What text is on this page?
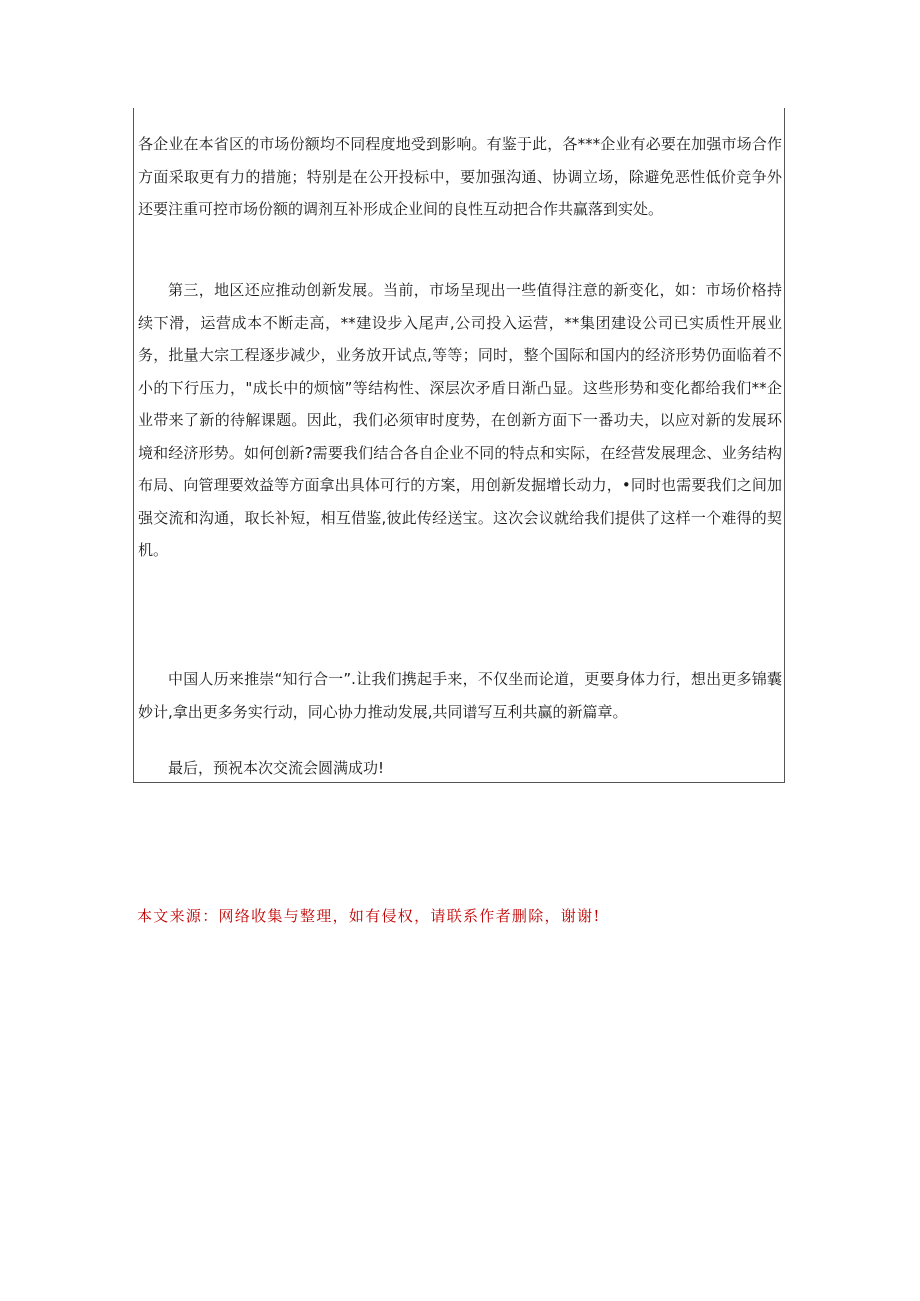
各企业在本省区的市场份额均不同程度地受到影响。有鉴于此，各***企业有必要在加强市场合作方面采取更有力的措施；特别是在公开投标中，要加强沟通、协调立场，除避免恶性低价竞争外还要注重可控市场份额的调剂互补形成企业间的良性互动把合作共赢落到实处。

第三，地区还应推动创新发展。当前，市场呈现出一些值得注意的新变化，如：市场价格持续下滑，运营成本不断走高，**建设步入尾声,公司投入运营，**集团建设公司已实质性开展业务，批量大宗工程逐步减少，业务放开试点,等等；同时，整个国际和国内的经济形势仍面临着不小的下行压力，"成长中的烦恼”等结构性、深层次矛盾日渐凸显。这些形势和变化都给我们**企业带来了新的待解课题。因此，我们必须审时度势，在创新方面下一番功夫，以应对新的发展环境和经济形势。如何创新?需要我们结合各自企业不同的特点和实际，在经营发展理念、业务结构布局、向管理要效益等方面拿出具体可行的方案，用创新发掘增长动力，•同时也需要我们之间加强交流和沟通，取长补短，相互借鉴,彼此传经送宝。这次会议就给我们提供了这样一个难得的契机。

中国人历来推崇“知行合一”.让我们携起手来，不仅坐而论道，更要身体力行，想出更多锦囊妙计,拿出更多务实行动，同心协力推动发展,共同谱写互利共赢的新篇章。

最后，预祝本次交流会圆满成功!

本文来源：网络收集与整理，如有侵权，请联系作者删除，谢谢!
